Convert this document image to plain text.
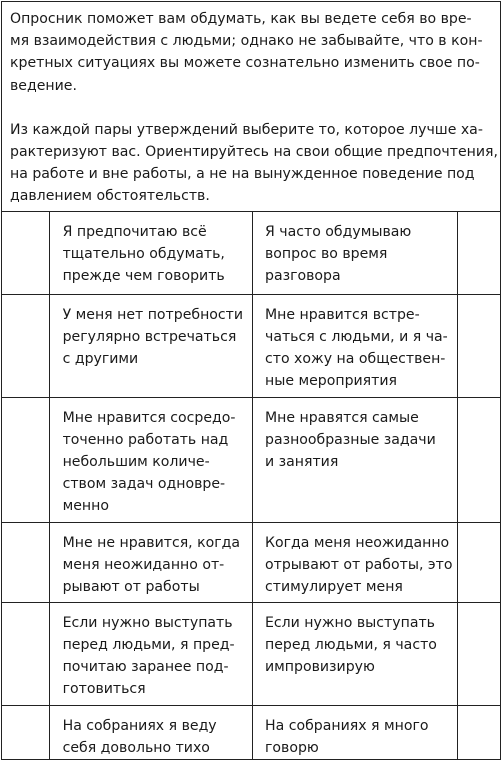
Опросник поможет вам обдумать, как вы ведете себя во вре-
мя взаимодействия с людьми; однако не забывайте, что в кон-
кретных ситуациях вы можете сознательно изменить свое по-
ведение.

Из каждой пары утверждений выберите то, которое лучше ха-
рактеризуют вас. Ориентируйтесь на свои общие предпочтения,
на работе и вне работы, а не на вынужденное поведение под
давлением обстоятельств.

	Я предпочитаю всё
тщательно обдумать,
прежде чем говорить	Я часто обдумываю
вопрос во время
разговора	

	У меня нет потребности
регулярно встречаться
с другими	Мне нравится встре-
чаться с людьми, и я ча-
сто хожу на обществен-
ные мероприятия	

	Мне нравится сосредо-
точенно работать над
небольшим количе-
ством задач одновре-
менно	Мне нравятся самые
разнообразные задачи
и занятия	

	Мне не нравится, когда
меня неожиданно от-
рывают от работы	Когда меня неожиданно
отрывают от работы, это
стимулирует меня	

	Если нужно выступать
перед людьми, я пред-
почитаю заранее под-
готовиться	Если нужно выступать
перед людьми, я часто
импровизирую	

	На собраниях я веду
себя довольно тихо	На собраниях я много
говорю	
